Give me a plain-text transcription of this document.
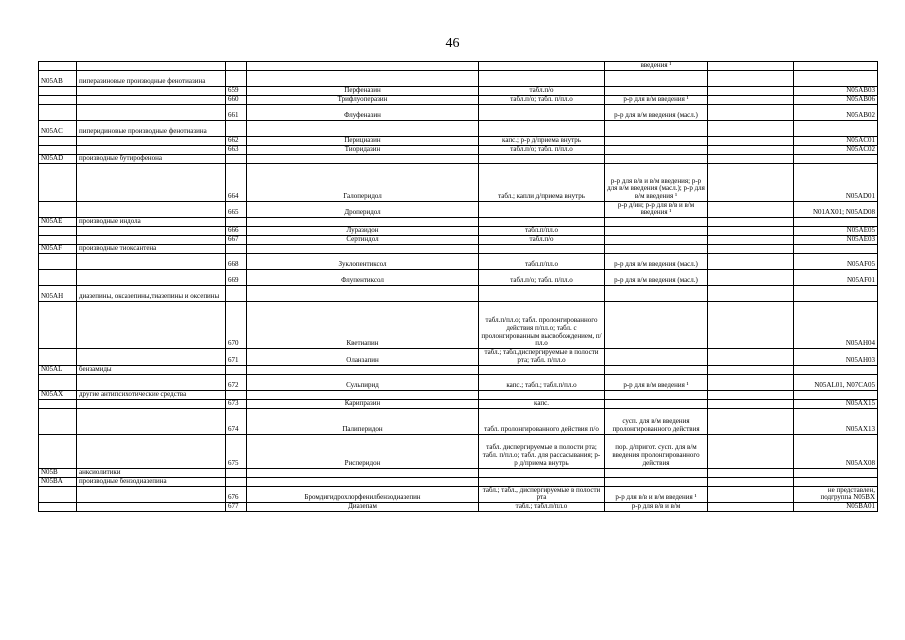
46
					введения ¹		
N05AB	пиперазиновые производные фенотиазина						
		659	Перфеназин	табл.п/о			N05AB03
		660	Трифлуоперазин	табл.п/о; табл. п/пл.о	р-р для в/м введения ¹		N05AB06
		661	Флуфеназин		р-р для в/м введения (масл.)		N05AB02
N05AC	пиперидиновые производные фенотиазина						
		662	Перициазин	капс.; р-р д/приема внутрь			N05AC01
		663	Тиоридазин	табл.п/о; табл. п/пл.о			N05AC02
N05AD	производные бутирофенона						
		664	Галоперидол	табл.; капли д/приема внутрь	р-р для в/в и в/м введения; р-р для в/м введения (масл.); р-р для в/м введения ¹		N05AD01
		665	Дроперидол		р-р д/ин; р-р для в/в и в/м введения ¹		N01AX01; N05AD08
N05AE	производные индола						
		666	Луразидон	табл.п/пл.о			N05AE05
		667	Сертиндол	табл.п/о			N05AE03
N05AF	производные тиоксантена						
		668	Зуклопентиксол	табл.п/пл.о	р-р для в/м введения (масл.)		N05AF05
		669	Флупентиксол	табл.п/о; табл. п/пл.о	р-р для в/м введения (масл.)		N05AF01
N05AH	диазепины, оксазепины,тиазепины и оксепины						
		670	Кветиапин	табл.п/пл.о; табл. пролонгированного действия п/пл.о; табл. с пролонгированным высвобождением, п/пл.о			N05AH04
		671	Оланзапин	табл.; табл.диспергируемые в полости рта; табл. п/пл.о			N05AH03
N05AL	бензамиды						
		672	Сульпирид	капс.; табл.; табл.п/пл.о	р-р для в/м введения ¹		N05AL01, N07CA05
N05AX	другие антипсихотические средства						
		673	Карипразин	капс.			N05AX15
		674	Палиперидон	табл. пролонгированного действия п/о	сусп. для в/м введения пролонгированного действия		N05AX13
		675	Рисперидон	табл. диспергируемые в полости рта; табл. п/пл.о; табл. для рассасывания; р-р д/приема внутрь	пор. д/пригот. сусп. для в/м введения пролонгированного действия		N05AX08
N05B	анксиолитики						
N05BA	производные бензодиазепина						
		676	Бромдигидрохлорфенилбензодиазепин	табл.; табл., диспергируемые в полости рта	р-р для в/в и в/м введения ¹		не представлен, подгруппа N05BX
		677	Диазепам	табл.; табл.п/пл.о	р-р для в/в и в/м		N05BA01
